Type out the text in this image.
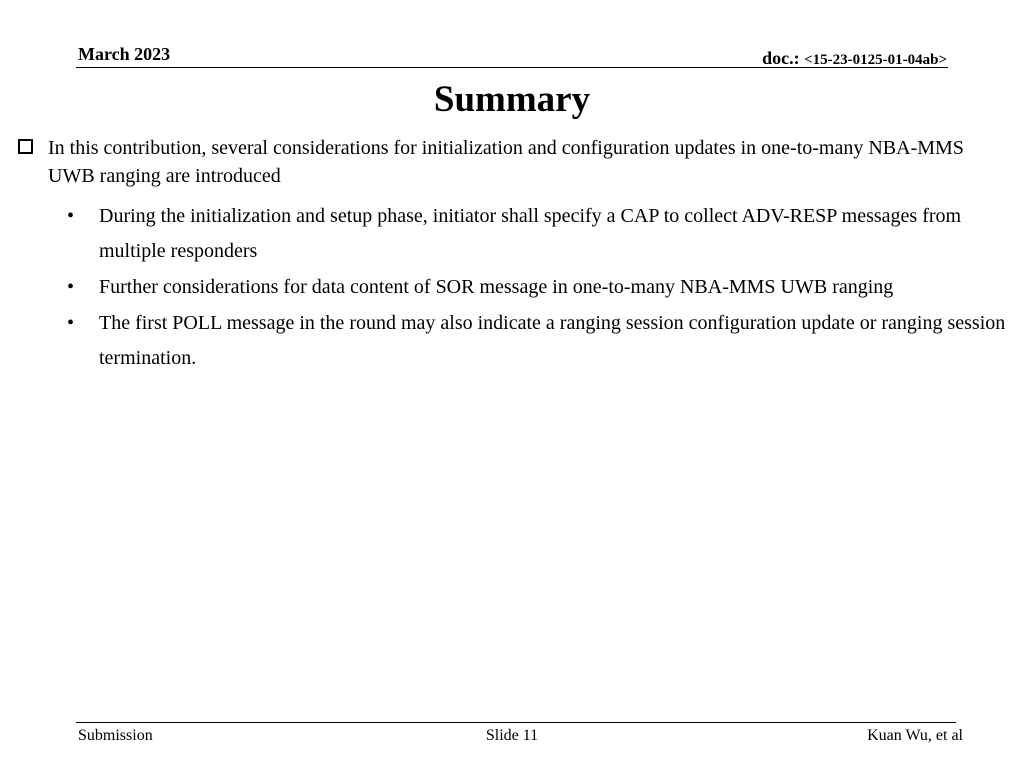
March 2023	doc.: <15-23-0125-01-04ab>
Summary
In this contribution, several considerations for initialization and configuration updates in one-to-many NBA-MMS UWB ranging are introduced
• During the initialization and setup phase, initiator shall specify a CAP to collect ADV-RESP messages from multiple responders
• Further considerations for data content of SOR message in one-to-many NBA-MMS UWB ranging
• The first POLL message in the round may also indicate a ranging session configuration update or ranging session termination.
Submission	Slide 11	Kuan Wu, et al
